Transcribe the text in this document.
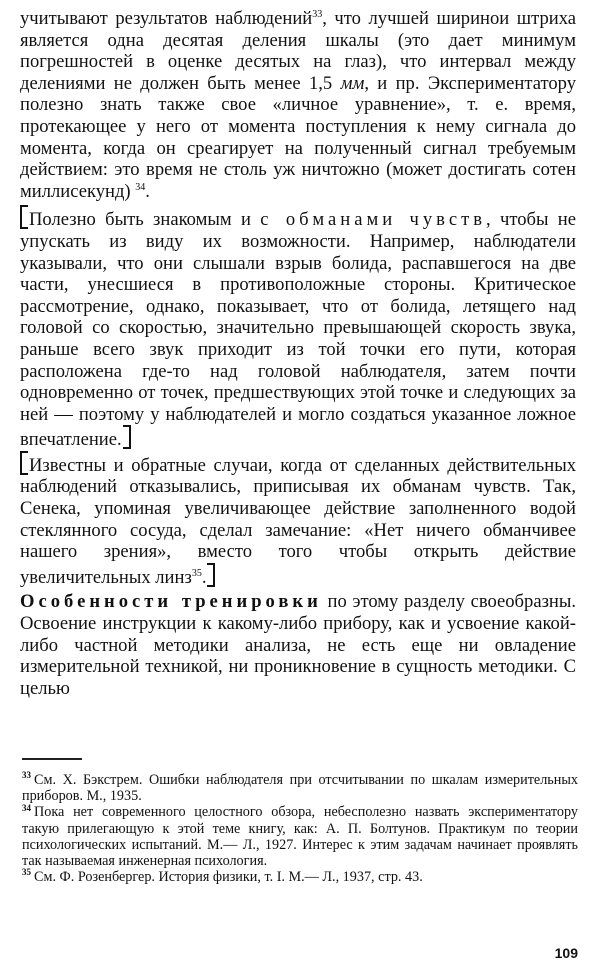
учитывают результатов наблюдений$^{33}$, что лучшей ширинои штриха является одна десятая деления шкалы (это дает минимум погрешностей в оценке десятых на глаз), что интервал между делениями не должен быть менее 1,5 мм, и пр. Экспериментатору полезно знать также свое «личное уравнение», т. е. время, протекающее у него от момента поступления к нему сигнала до момента, когда он среагирует на полученный сигнал требуемым действием: это время не столь уж ничтожно (может достигать сотен миллисекунд) $^{34}$.

Полезно быть знакомым и с обманами чувств, чтобы не упускать из виду их возможности. Например, наблюдатели указывали, что они слышали взрыв болида, распавшегося на две части, унесшиеся в противоположные стороны. Критическое рассмотрение, однако, показывает, что от болида, летящего над головой со скоростью, значительно превышающей скорость звука, раньше всего звук приходит из той точки его пути, которая расположена где-то над головой наблюдателя, затем почти одновременно от точек, предшествующих этой точке и следующих за ней — поэтому у наблюдателей и могло создаться указанное ложное впечатление.

Известны и обратные случаи, когда от сделанных действительных наблюдений отказывались, приписывая их обманам чувств. Так, Сенека, упоминая увеличивающее действие заполненного водой стеклянного сосуда, сделал замечание: «Нет ничего обманчивее нашего зрения», вместо того чтобы открыть действие увеличительных линз$^{35}$.

Особенности тренировки по этому разделу своеобразны. Освоение инструкции к какому-либо прибору, как и усвоение какой-либо частной методики анализа, не есть еще ни овладение измерительной техникой, ни проникновение в сущность методики. С целью

$^{33}$ См. Х. Бэкстрем. Ошибки наблюдателя при отсчитывании по шкалам измерительных приборов. М., 1935.

$^{34}$ Пока нет современного целостного обзора, небесполезно назвать экспериментатору такую прилегающую к этой теме книгу, как: А. П. Болтунов. Практикум по теории психологических испытаний. М.— Л., 1927. Интерес к этим задачам начинает проявлять так называемая инженерная психология.

$^{35}$ См. Ф. Розенбергер. История физики, т. I. М.— Л., 1937, стр. 43.

109
